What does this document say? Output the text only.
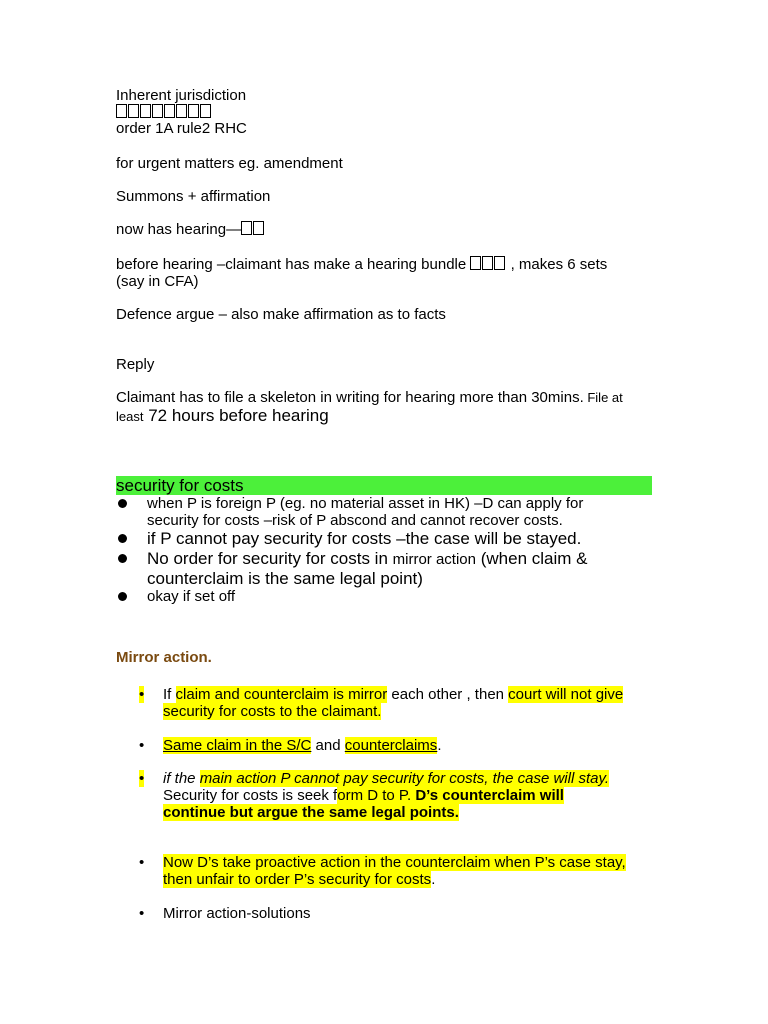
Inherent jurisdiction
order 1A rule2 RHC
for urgent matters eg. amendment
Summons + affirmation
now has hearing—
before hearing –claimant has make a hearing bundle  , makes 6 sets
(say in CFA)
Defence argue – also make affirmation as to facts
Reply
Claimant has to file a skeleton in writing for hearing more than 30mins. File at
least 72 hours before hearing
security for costs
when P is foreign P (eg. no material asset in HK) –D can apply for
security for costs –risk of P abscond and cannot recover costs.
if P cannot pay security for costs –the case will be stayed.
No order for security for costs in mirror action (when claim &
counterclaim is the same legal point)
okay if set off
Mirror action.
• If claim and counterclaim is mirror each other , then court will not give
security for costs to the claimant.
• Same claim in the S/C and counterclaims.
• if the main action P cannot pay security for costs, the case will stay.
Security for costs is seek form D to P. D’s counterclaim will
continue but argue the same legal points.
• Now D’s take proactive action in the counterclaim when P’s case stay,
then unfair to order P’s security for costs.
• Mirror action-solutions
